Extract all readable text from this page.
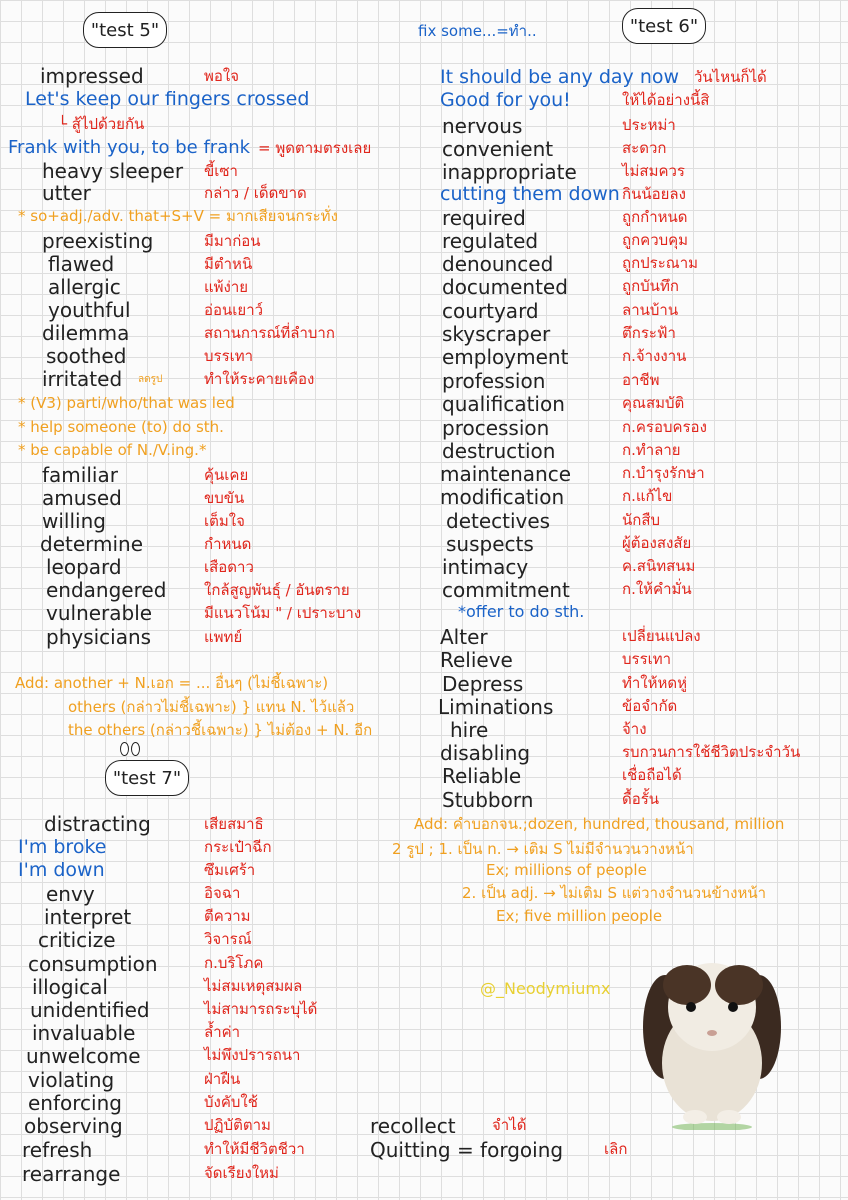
"test 5"	"test 6"
"test 7"
fix some...=ทำ..
impressed	พอใจ
Let's keep our fingers crossed
└ สู้ไปด้วยกัน
Frank with you, to be frank = พูดตามตรงเลย
heavy sleeper ขี้เซา
utter	กล่าว / เด็ดขาด
* so+adj./adv. that+S+V = มากเสียจนกระทั่ง
preexisting	มีมาก่อน
flawed	มีตำหนิ
allergic	แพ้ง่าย
youthful	อ่อนเยาว์
dilemma	สถานการณ์ที่ลำบาก
soothed	บรรเทา
irritated ลดรูป	ทำให้ระคายเคือง
* (V3) parti/who/that was led
* help someone (to) do sth.
* be capable of N./V.ing.*
familiar	คุ้นเคย
amused	ขบขัน
willing	เต็มใจ
determine	กำหนด
leopard	เสือดาว
endangered	ใกล้สูญพันธุ์ / อันตราย
vulnerable	มีแนวโน้ม " / เปราะบาง
physicians	แพทย์
Add: another + N.เอก = ... อื่นๆ (ไม่ชี้เฉพาะ)
others (กล่าวไม่ชี้เฉพาะ) } แทน N. ไว้แล้ว
the others (กล่าวชี้เฉพาะ) } ไม่ต้อง + N. อีก
distracting	เสียสมาธิ
I'm broke	กระเป๋าฉีก
I'm down	ซึมเศร้า
envy	อิจฉา
interpret	ตีความ
criticize	วิจารณ์
consumption	ก.บริโภค
illogical	ไม่สมเหตุสมผล
unidentified	ไม่สามารถระบุได้
invaluable	ล้ำค่า
unwelcome	ไม่พึงปรารถนา
violating	ฝ่าฝืน
enforcing	บังคับใช้
observing	ปฏิบัติตาม
refresh	ทำให้มีชีวิตชีวา
rearrange	จัดเรียงใหม่
It should be any day now วันไหนก็ได้
Good for you!	ให้ได้อย่างนี้สิ
nervous	ประหม่า
convenient	สะดวก
inappropriate	ไม่สมควร
cutting them down กินน้อยลง
required	ถูกกำหนด
regulated	ถูกควบคุม
denounced	ถูกประณาม
documented	ถูกบันทึก
courtyard	ลานบ้าน
skyscraper	ตึกระฟ้า
employment	ก.จ้างงาน
profession	อาชีพ
qualification	คุณสมบัติ
procession	ก.ครอบครอง
destruction	ก.ทำลาย
maintenance	ก.บำรุงรักษา
modification	ก.แก้ไข
detectives	นักสืบ
suspects	ผู้ต้องสงสัย
intimacy	ค.สนิทสนม
commitment	ก.ให้คำมั่น
*offer to do sth.
Alter	เปลี่ยนแปลง
Relieve	บรรเทา
Depress	ทำให้หดหู่
Liminations	ข้อจำกัด
hire	จ้าง
disabling	รบกวนการใช้ชีวิตประจำวัน
Reliable	เชื่อถือได้
Stubborn	ดื้อรั้น
Add: คำบอกจน.;dozen, hundred, thousand, million
2 รูป ; 1. เป็น n. → เติม S ไม่มีจำนวนวางหน้า
Ex; millions of people
2. เป็น adj. → ไม่เติม S แต่วางจำนวนข้างหน้า
Ex; five million people
@_Neodymiumx
recollect จำได้
Quitting = forgoing	เลิก
